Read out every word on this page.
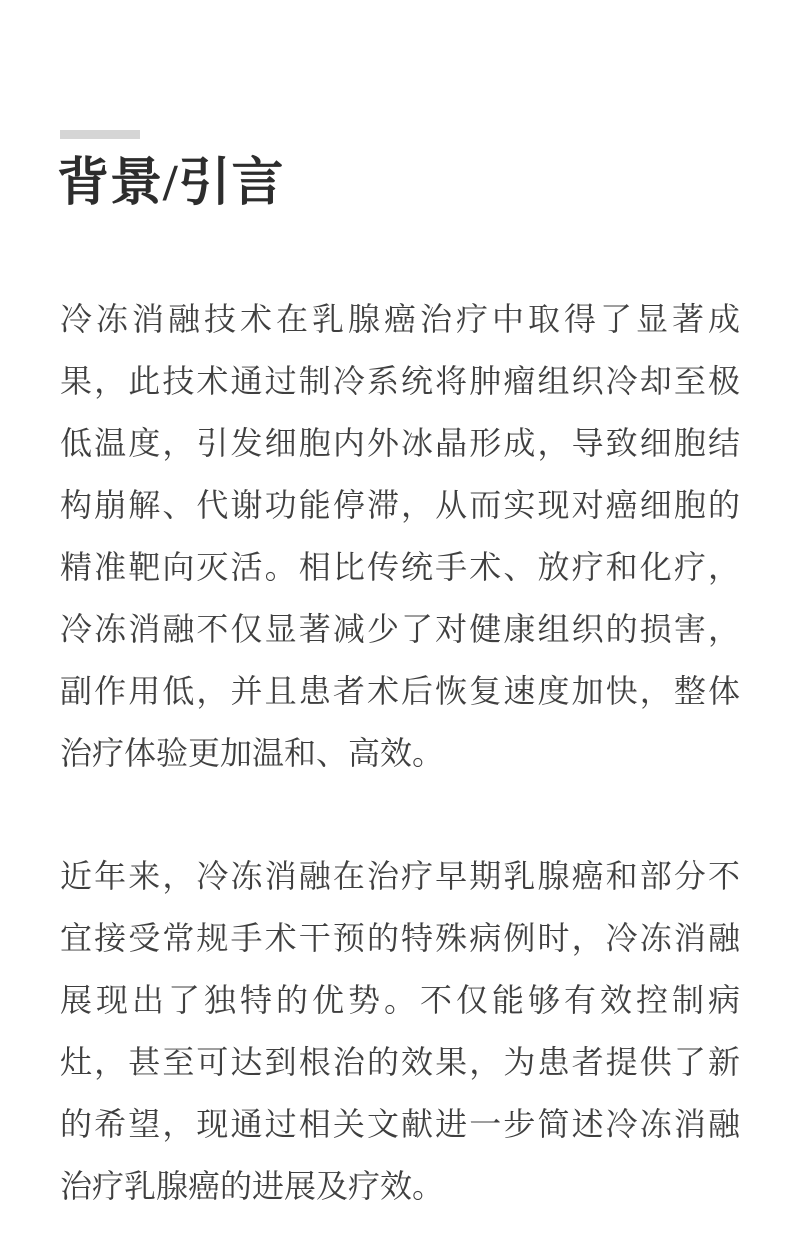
背景/引言

冷冻消融技术在乳腺癌治疗中取得了显著成
果，此技术通过制冷系统将肿瘤组织冷却至极
低温度，引发细胞内外冰晶形成，导致细胞结
构崩解、代谢功能停滞，从而实现对癌细胞的
精准靶向灭活。相比传统手术、放疗和化疗，
冷冻消融不仅显著减少了对健康组织的损害，
副作用低，并且患者术后恢复速度加快，整体
治疗体验更加温和、高效。

近年来，冷冻消融在治疗早期乳腺癌和部分不
宜接受常规手术干预的特殊病例时，冷冻消融
展现出了独特的优势。不仅能够有效控制病
灶，甚至可达到根治的效果，为患者提供了新
的希望，现通过相关文献进一步简述冷冻消融
治疗乳腺癌的进展及疗效。
